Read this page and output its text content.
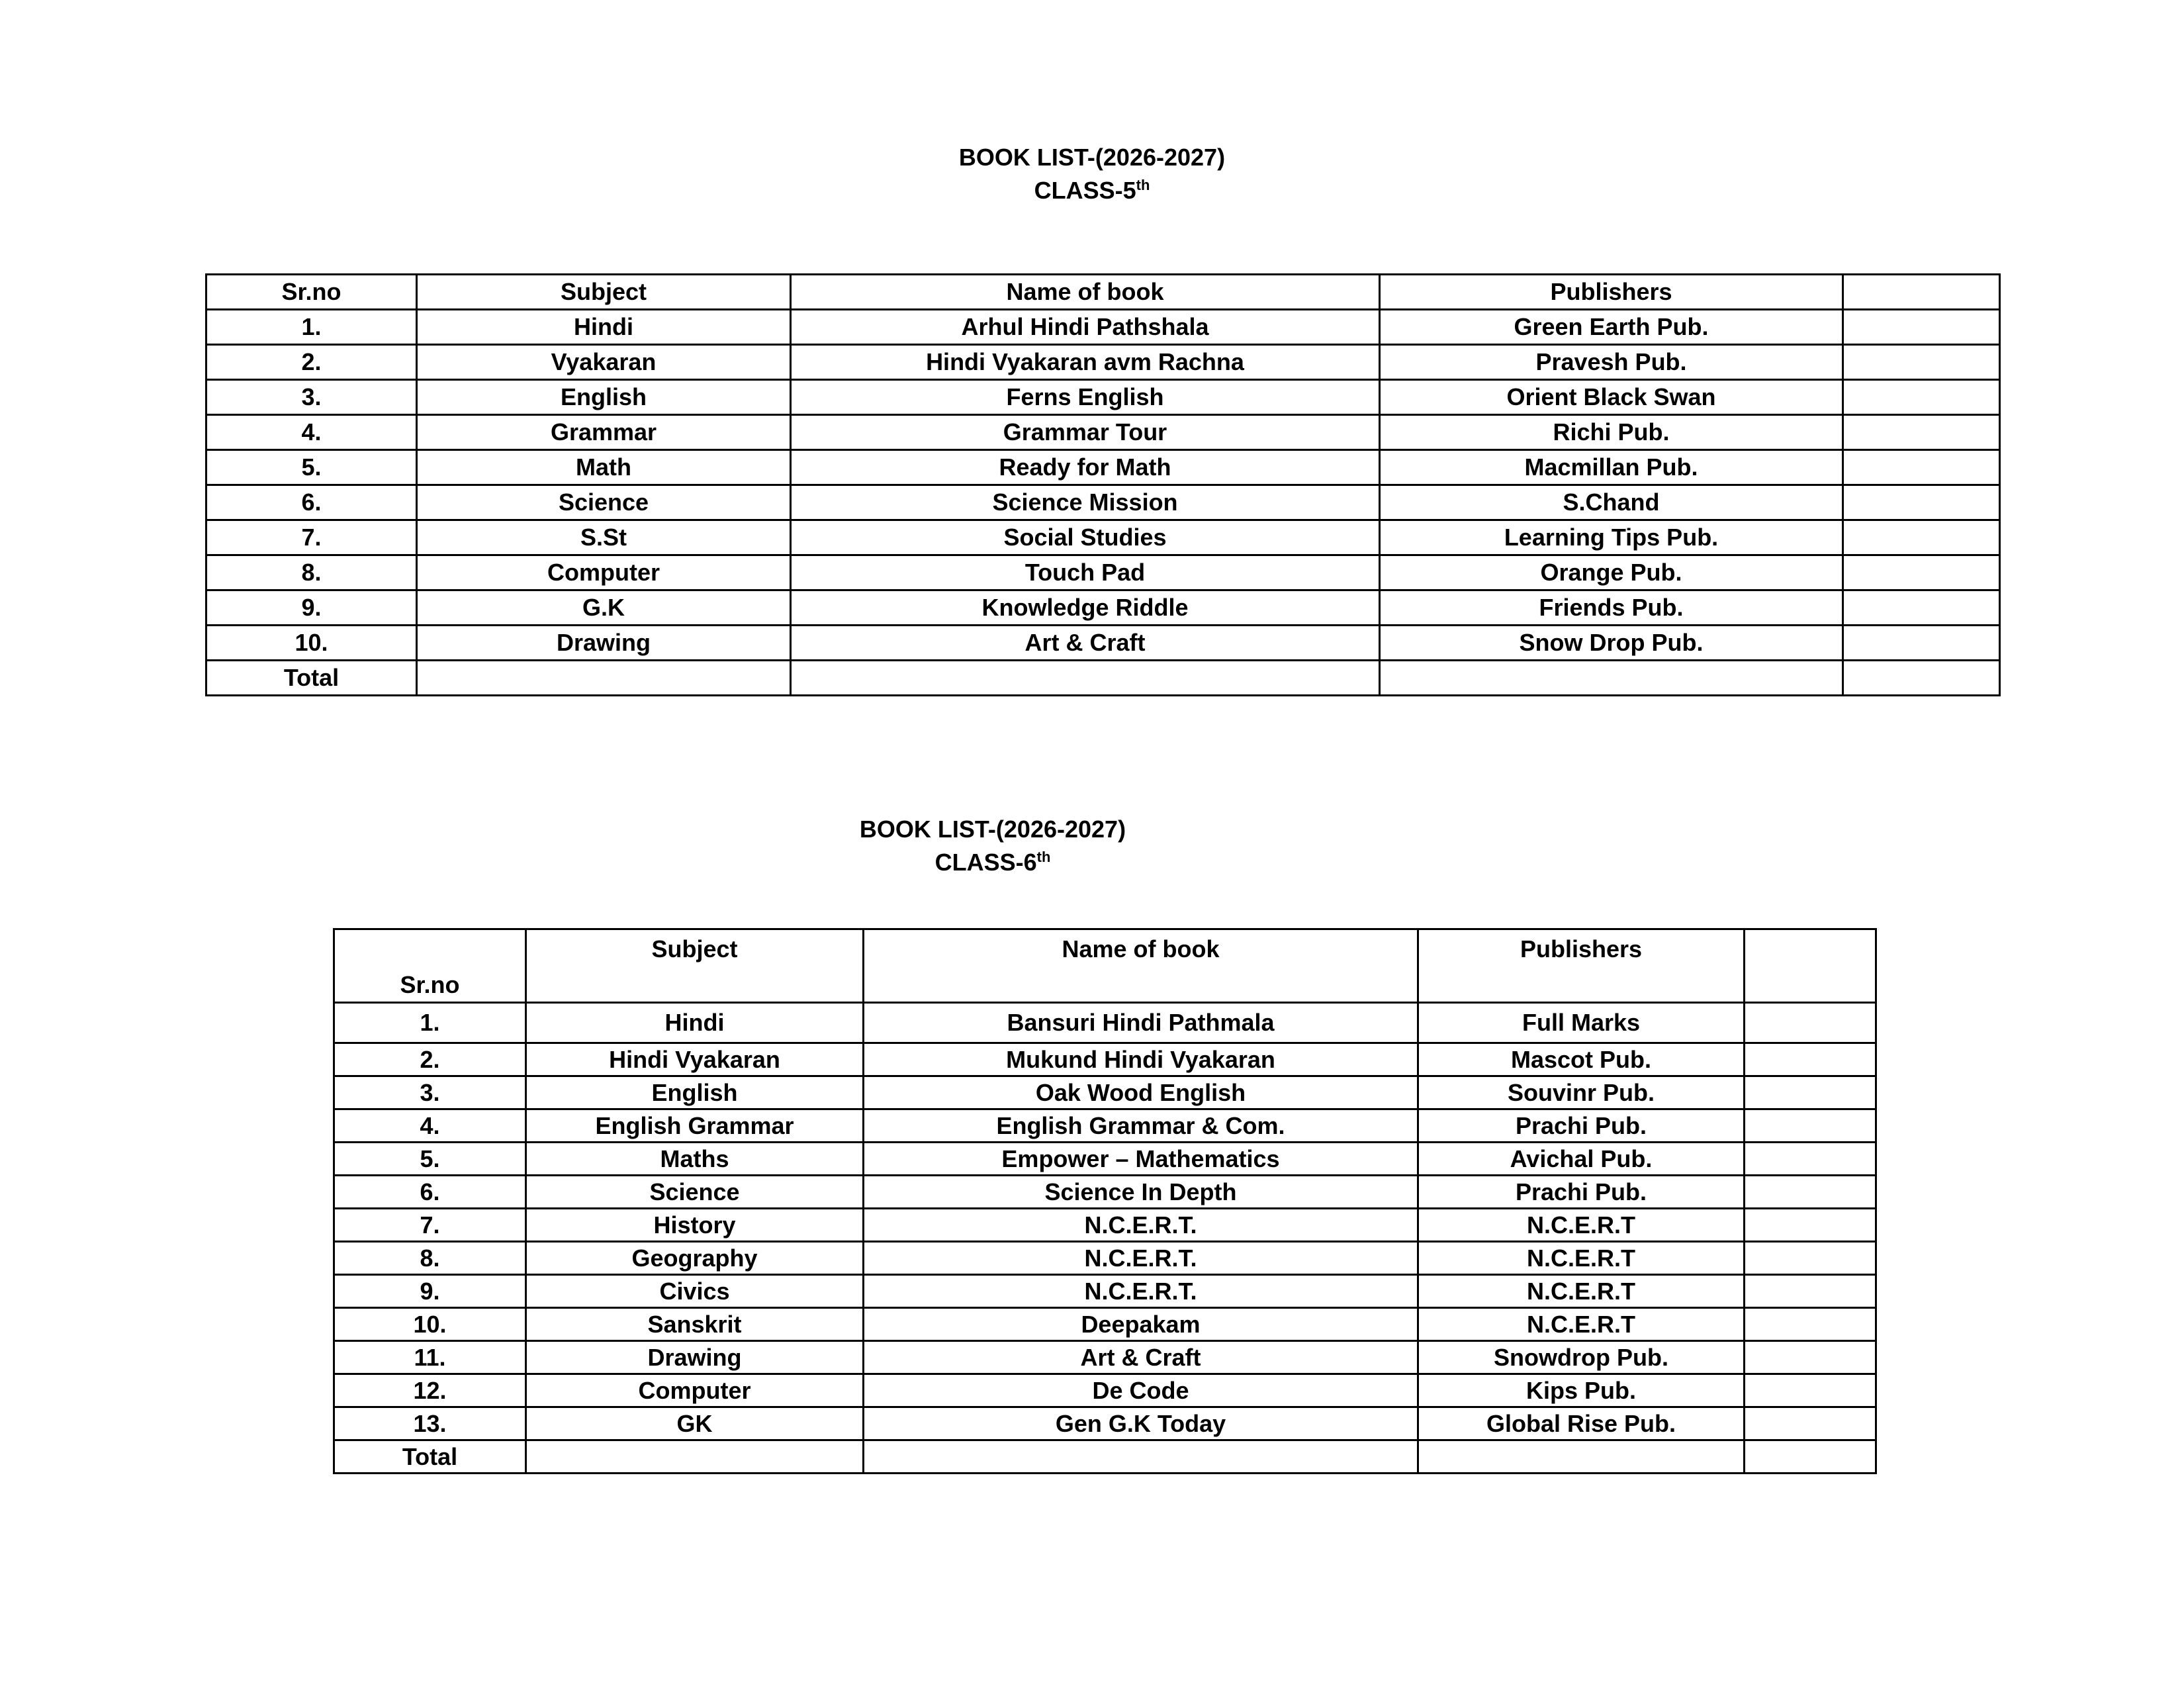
BOOK LIST-(2026-2027)
CLASS-5th
Sr.no	Subject	Name of book	Publishers	
1.	Hindi	Arhul Hindi Pathshala	Green Earth Pub.	
2.	Vyakaran	Hindi Vyakaran avm Rachna	Pravesh Pub.	
3.	English	Ferns English	Orient Black Swan	
4.	Grammar	Grammar Tour	Richi Pub.	
5.	Math	Ready for Math	Macmillan Pub.	
6.	Science	Science Mission	S.Chand	
7.	S.St	Social Studies	Learning Tips Pub.	
8.	Computer	Touch Pad	Orange Pub.	
9.	G.K	Knowledge Riddle	Friends Pub.	
10.	Drawing	Art & Craft	Snow Drop Pub.	
Total				
BOOK LIST-(2026-2027)
CLASS-6th
Sr.no	Subject	Name of book	Publishers	
1.	Hindi	Bansuri Hindi Pathmala	Full Marks	
2.	Hindi Vyakaran	Mukund Hindi Vyakaran	Mascot Pub.	
3.	English	Oak Wood English	Souvinr Pub.	
4.	English Grammar	English Grammar & Com.	Prachi Pub.	
5.	Maths	Empower – Mathematics	Avichal Pub.	
6.	Science	Science In Depth	Prachi Pub.	
7.	History	N.C.E.R.T.	N.C.E.R.T	
8.	Geography	N.C.E.R.T.	N.C.E.R.T	
9.	Civics	N.C.E.R.T.	N.C.E.R.T	
10.	Sanskrit	Deepakam	N.C.E.R.T	
11.	Drawing	Art & Craft	Snowdrop Pub.	
12.	Computer	De Code	Kips Pub.	
13.	GK	Gen G.K Today	Global Rise Pub.	
Total				
